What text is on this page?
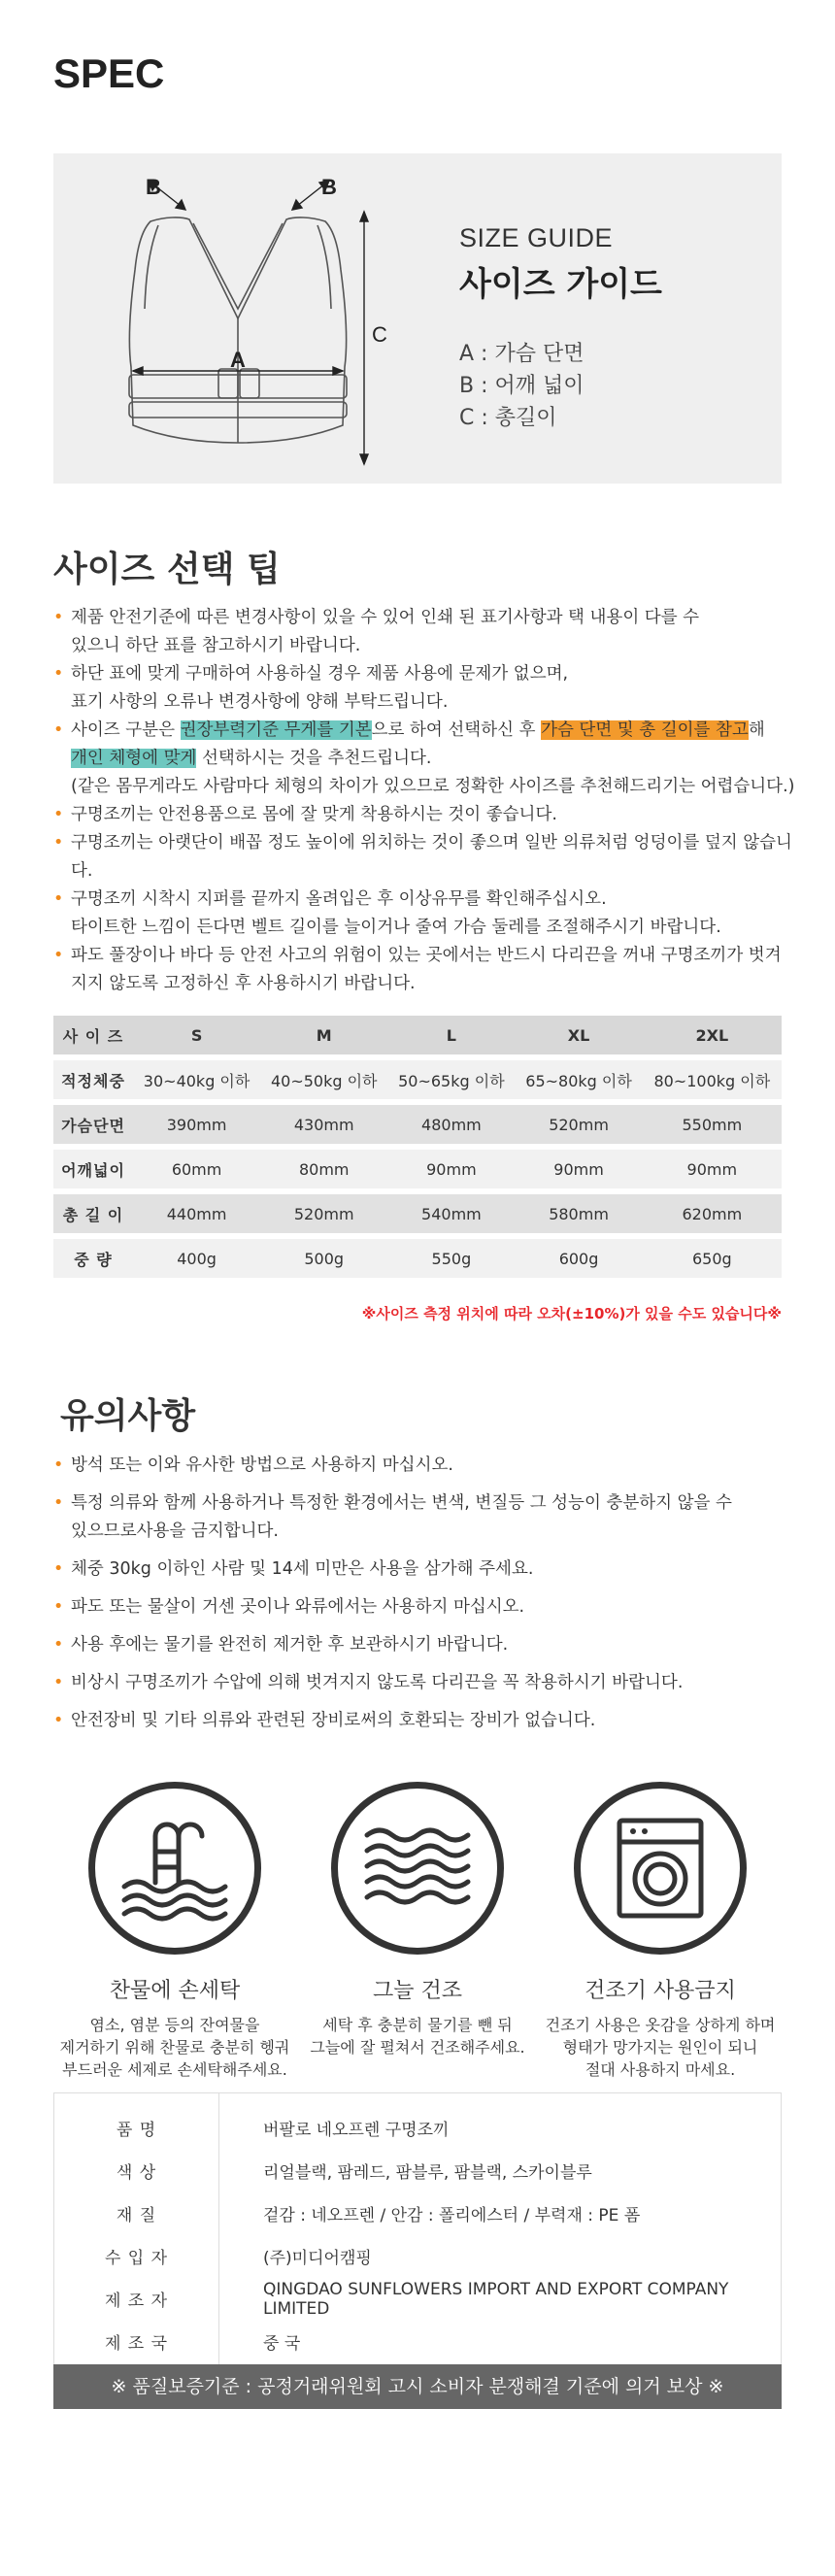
SPEC
B	B
A
C
SIZE GUIDE
사이즈 가이드
A : 가슴 단면
B : 어깨 넓이
C : 총길이
사이즈 선택 팁
• 제품 안전기준에 따른 변경사항이 있을 수 있어 인쇄 된 표기사항과 택 내용이 다를 수
있으니 하단 표를 참고하시기 바랍니다.
• 하단 표에 맞게 구매하여 사용하실 경우 제품 사용에 문제가 없으며,
표기 사항의 오류나 변경사항에 양해 부탁드립니다.
• 사이즈 구분은 권장부력기준 무게를 기본으로 하여 선택하신 후 가슴 단면 및 총 길이를 참고해
개인 체형에 맞게 선택하시는 것을 추천드립니다.
(같은 몸무게라도 사람마다 체형의 차이가 있으므로 정확한 사이즈를 추천해드리기는 어렵습니다.)
• 구명조끼는 안전용품으로 몸에 잘 맞게 착용하시는 것이 좋습니다.
• 구명조끼는 아랫단이 배꼽 정도 높이에 위치하는 것이 좋으며 일반 의류처럼 엉덩이를 덮지 않습니다.
• 구명조끼 시착시 지퍼를 끝까지 올려입은 후 이상유무를 확인해주십시오.
타이트한 느낌이 든다면 벨트 길이를 늘이거나 줄여 가슴 둘레를 조절해주시기 바랍니다.
• 파도 풀장이나 바다 등 안전 사고의 위험이 있는 곳에서는 반드시 다리끈을 꺼내 구명조끼가 벗겨
지지 않도록 고정하신 후 사용하시기 바랍니다.
사 이 즈	S	M	L	XL	2XL
적정체중	30~40kg 이하	40~50kg 이하	50~65kg 이하	65~80kg 이하	80~100kg 이하
가슴단면	390mm	430mm	480mm	520mm	550mm
어깨넓이	60mm	80mm	90mm	90mm	90mm
총 길 이	440mm	520mm	540mm	580mm	620mm
중 량	400g	500g	550g	600g	650g
※사이즈 측정 위치에 따라 오차(±10%)가 있을 수도 있습니다※
유의사항
• 방석 또는 이와 유사한 방법으로 사용하지 마십시오.
• 특정 의류와 함께 사용하거나 특정한 환경에서는 변색, 변질등 그 성능이 충분하지 않을 수
있으므로사용을 금지합니다.
• 체중 30kg 이하인 사람 및 14세 미만은 사용을 삼가해 주세요.
• 파도 또는 물살이 거센 곳이나 와류에서는 사용하지 마십시오.
• 사용 후에는 물기를 완전히 제거한 후 보관하시기 바랍니다.
• 비상시 구명조끼가 수압에 의해 벗겨지지 않도록 다리끈을 꼭 착용하시기 바랍니다.
• 안전장비 및 기타 의류와 관련된 장비로써의 호환되는 장비가 없습니다.
찬물에 손세탁
염소, 염분 등의 잔여물을
제거하기 위해 찬물로 충분히 헹궈
부드러운 세제로 손세탁해주세요.
그늘 건조
세탁 후 충분히 물기를 뺀 뒤
그늘에 잘 펼쳐서 건조해주세요.
건조기 사용금지
건조기 사용은 옷감을 상하게 하며
형태가 망가지는 원인이 되니
절대 사용하지 마세요.
품 명	버팔로 네오프렌 구명조끼
색 상	리얼블랙, 팜레드, 팜블루, 팜블랙, 스카이블루
재 질	겉감 : 네오프렌 / 안감 : 폴리에스터 / 부력재 : PE 폼
수 입 자	(주)미디어캠핑
제 조 자	QINGDAO SUNFLOWERS IMPORT AND EXPORT COMPANY LIMITED
제 조 국	중 국
※ 품질보증기준 : 공정거래위원회 고시 소비자 분쟁해결 기준에 의거 보상 ※
